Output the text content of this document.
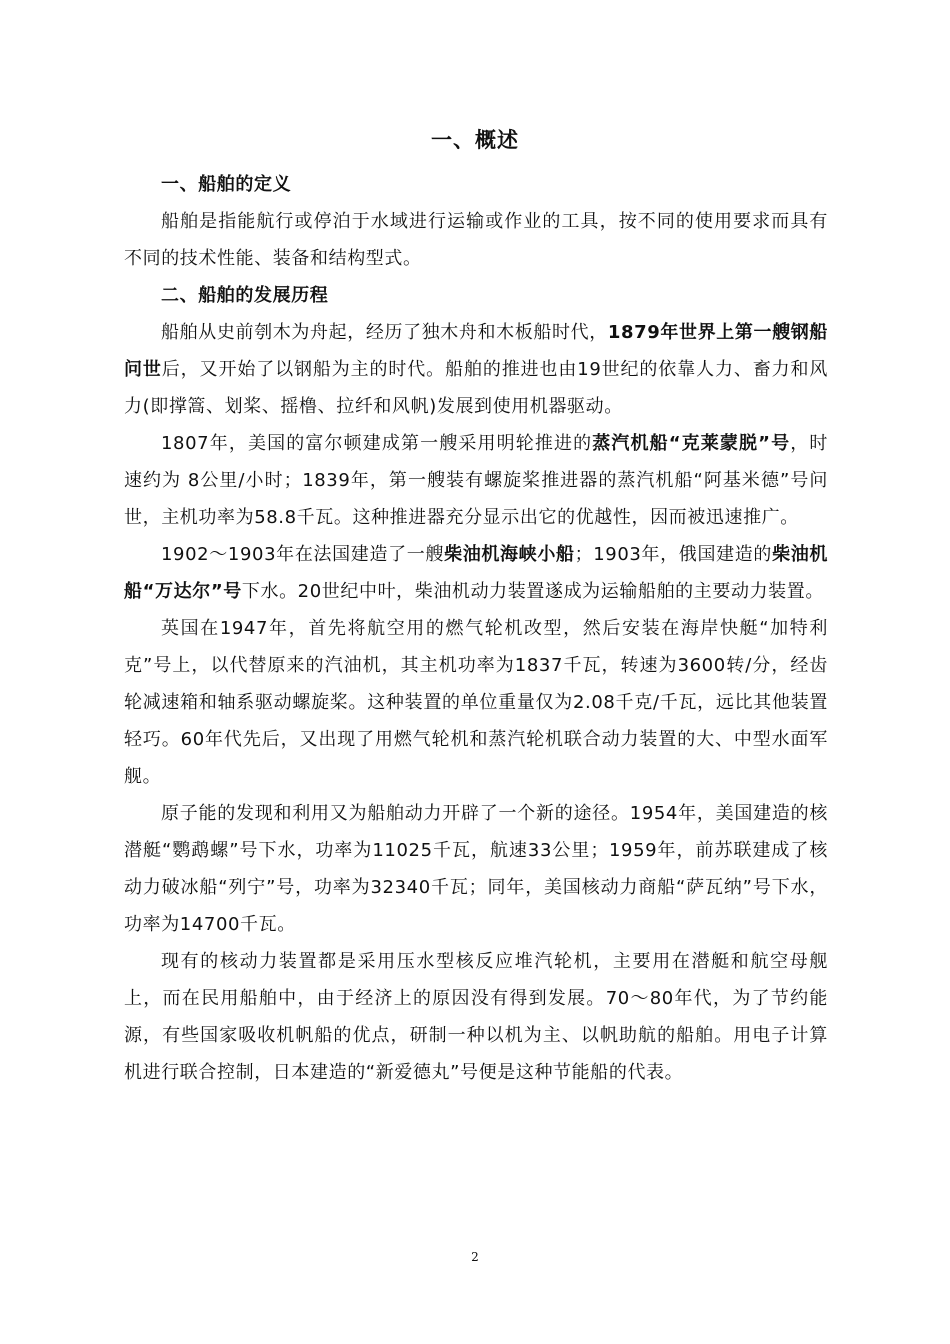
一、概述

一、船舶的定义

船舶是指能航行或停泊于水域进行运输或作业的工具，按不同的使用要求而具有不同的技术性能、装备和结构型式。

二、船舶的发展历程

船舶从史前刳木为舟起，经历了独木舟和木板船时代，1879年世界上第一艘钢船问世后，又开始了以钢船为主的时代。船舶的推进也由19世纪的依靠人力、畜力和风力(即撑篙、划桨、摇橹、拉纤和风帆)发展到使用机器驱动。

1807年，美国的富尔顿建成第一艘采用明轮推进的蒸汽机船“克莱蒙脱”号，时速约为 8公里/小时；1839年，第一艘装有螺旋桨推进器的蒸汽机船“阿基米德”号问世，主机功率为58.8千瓦。这种推进器充分显示出它的优越性，因而被迅速推广。

1902～1903年在法国建造了一艘柴油机海峡小船；1903年，俄国建造的柴油机船“万达尔”号下水。20世纪中叶，柴油机动力装置遂成为运输船舶的主要动力装置。

英国在1947年，首先将航空用的燃气轮机改型，然后安装在海岸快艇“加特利克”号上，以代替原来的汽油机，其主机功率为1837千瓦，转速为3600转/分，经齿轮减速箱和轴系驱动螺旋桨。这种装置的单位重量仅为2.08千克/千瓦，远比其他装置轻巧。60年代先后，又出现了用燃气轮机和蒸汽轮机联合动力装置的大、中型水面军舰。

原子能的发现和利用又为船舶动力开辟了一个新的途径。1954年，美国建造的核潜艇“鹦鹉螺”号下水，功率为11025千瓦，航速33公里；1959年，前苏联建成了核动力破冰船“列宁”号，功率为32340千瓦；同年，美国核动力商船“萨瓦纳”号下水，功率为14700千瓦。

现有的核动力装置都是采用压水型核反应堆汽轮机，主要用在潜艇和航空母舰上，而在民用船舶中，由于经济上的原因没有得到发展。70～80年代，为了节约能源，有些国家吸收机帆船的优点，研制一种以机为主、以帆助航的船舶。用电子计算机进行联合控制，日本建造的“新爱德丸”号便是这种节能船的代表。

2
